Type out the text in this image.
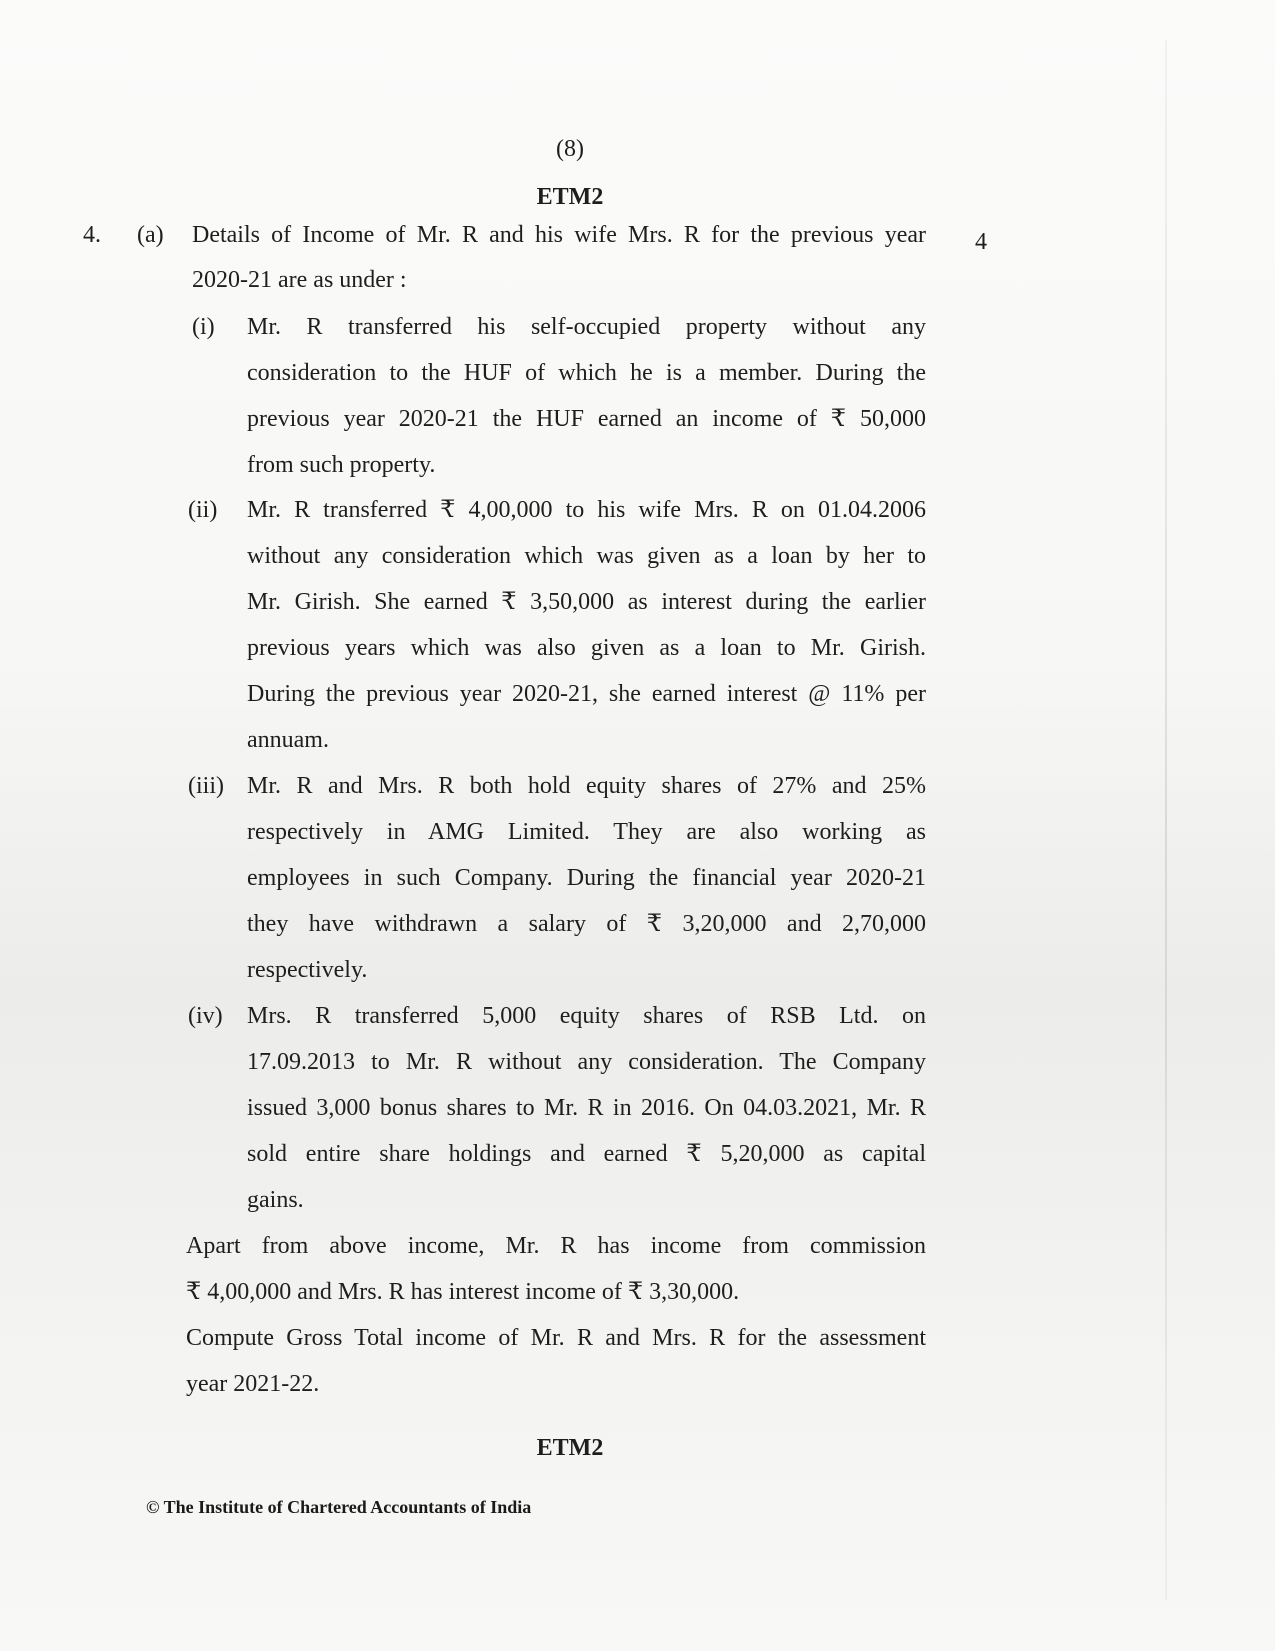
(8)
ETM2
4. (a)	4
Details of Income of Mr. R and his wife Mrs. R for the previous year
2020-21 are as under :
(i) Mr. R transferred his self-occupied property without any
consideration to the HUF of which he is a member. During the
previous year 2020-21 the HUF earned an income of ₹ 50,000
from such property.
(ii) Mr. R transferred ₹ 4,00,000 to his wife Mrs. R on 01.04.2006
without any consideration which was given as a loan by her to
Mr. Girish. She earned ₹ 3,50,000 as interest during the earlier
previous years which was also given as a loan to Mr. Girish.
During the previous year 2020-21, she earned interest @ 11% per
annuam.
(iii) Mr. R and Mrs. R both hold equity shares of 27% and 25%
respectively in AMG Limited. They are also working as
employees in such Company. During the financial year 2020-21
they have withdrawn a salary of ₹ 3,20,000 and 2,70,000
respectively.
(iv) Mrs. R transferred 5,000 equity shares of RSB Ltd. on
17.09.2013 to Mr. R without any consideration. The Company
issued 3,000 bonus shares to Mr. R in 2016. On 04.03.2021, Mr. R
sold entire share holdings and earned ₹ 5,20,000 as capital
gains.
Apart from above income, Mr. R has income from commission
₹ 4,00,000 and Mrs. R has interest income of ₹ 3,30,000.
Compute Gross Total income of Mr. R and Mrs. R for the assessment
year 2021-22.
ETM2
© The Institute of Chartered Accountants of India
